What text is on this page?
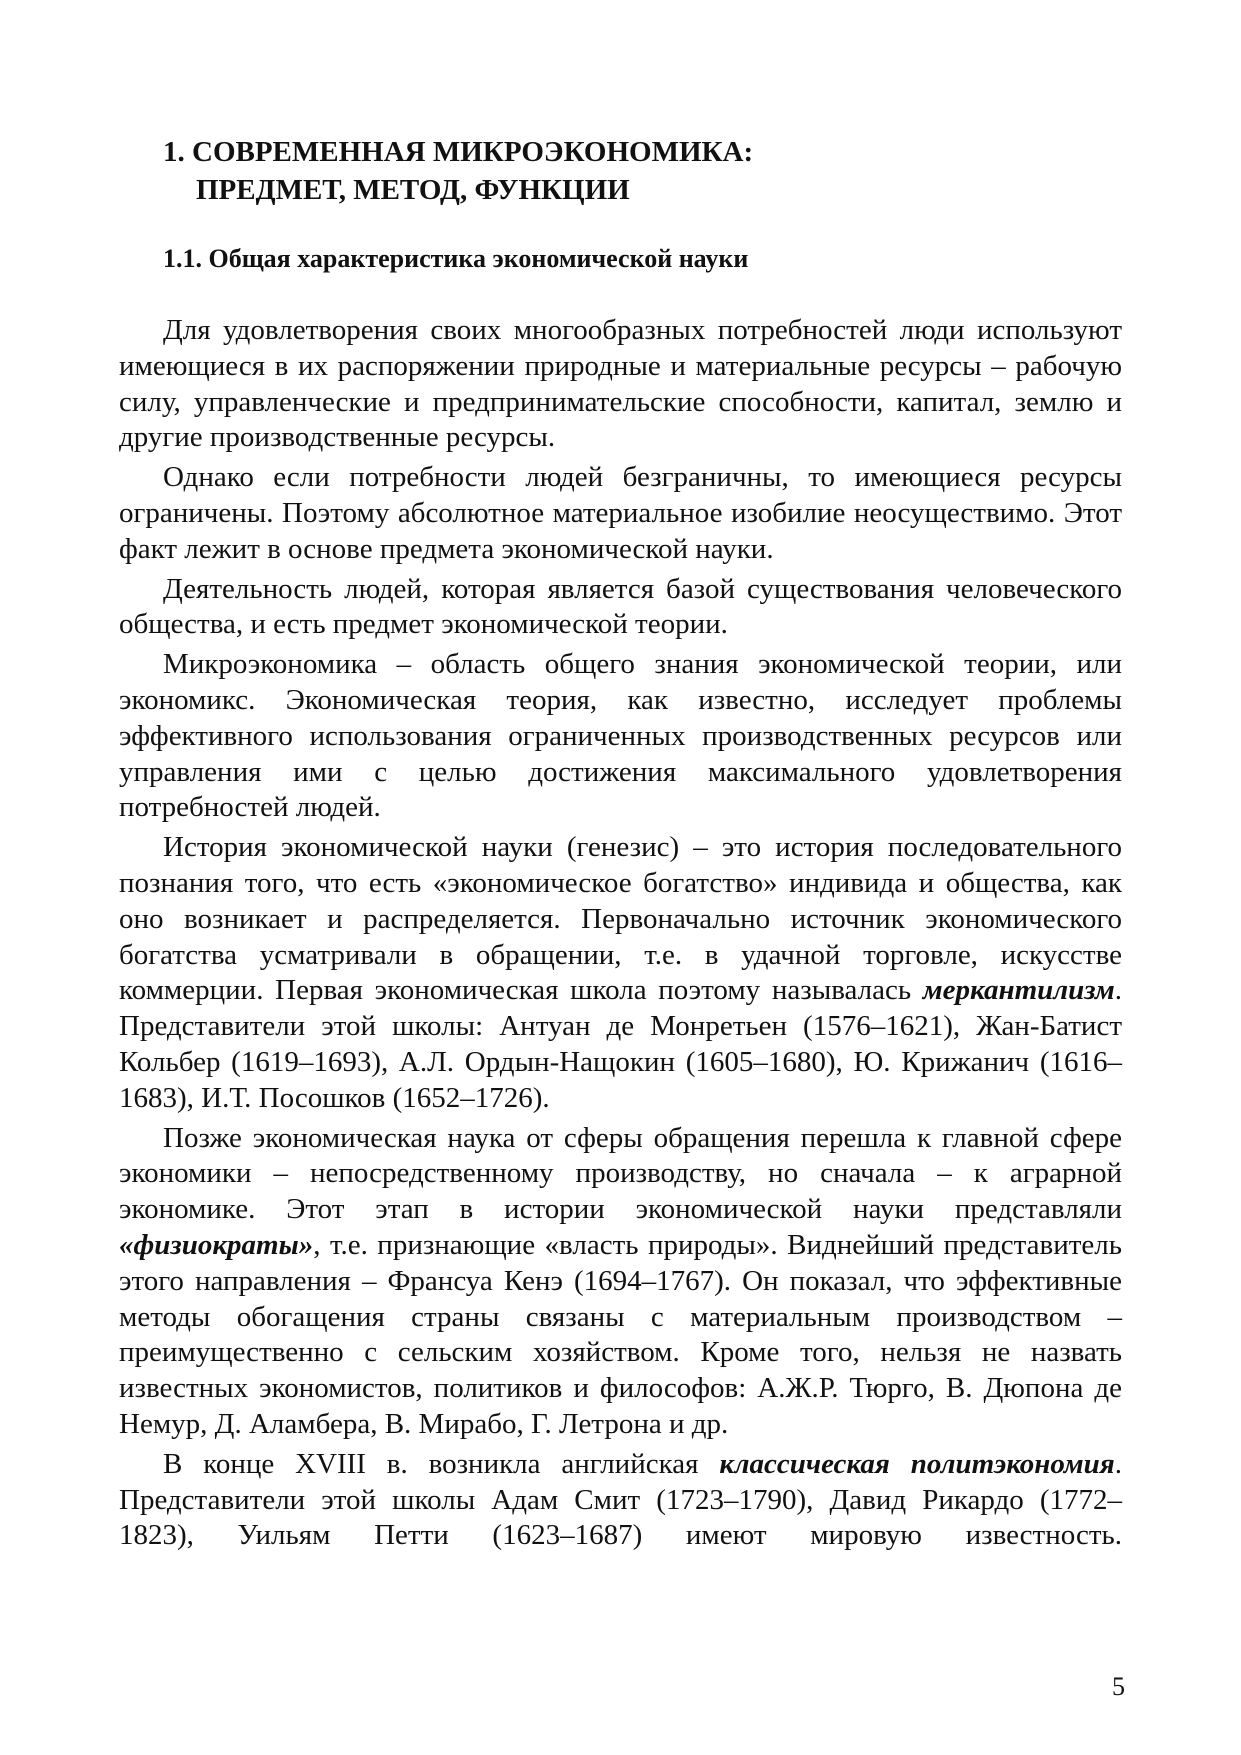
1. СОВРЕМЕННАЯ МИКРОЭКОНОМИКА:
ПРЕДМЕТ, МЕТОД, ФУНКЦИИ
1.1. Общая характеристика экономической науки

Для удовлетворения своих многообразных потребностей люди используют имеющиеся в их распоряжении природные и материальные ресурсы – рабочую силу, управленческие и предпринимательские способности, капитал, землю и другие производственные ресурсы.

Однако если потребности людей безграничны, то имеющиеся ресурсы ограничены. Поэтому абсолютное материальное изобилие неосуществимо. Этот факт лежит в основе предмета экономической науки.

Деятельность людей, которая является базой существования человеческого общества, и есть предмет экономической теории.

Микроэкономика – область общего знания экономической теории, или экономикс. Экономическая теория, как известно, исследует проблемы эффективного использования ограниченных производственных ресурсов или управления ими с целью достижения максимального удовлетворения потребностей людей.

История экономической науки (генезис) – это история последовательного познания того, что есть «экономическое богатство» индивида и общества, как оно возникает и распределяется. Первоначально источник экономического богатства усматривали в обращении, т.е. в удачной торговле, искусстве коммерции. Первая экономическая школа поэтому называлась меркантилизм. Представители этой школы: Антуан де Монретьен (1576–1621), Жан-Батист Кольбер (1619–1693), А.Л. Ордын-Нащокин (1605–1680), Ю. Крижанич (1616–1683), И.Т. Посошков (1652–1726).

Позже экономическая наука от сферы обращения перешла к главной сфере экономики – непосредственному производству, но сначала – к аграрной экономике. Этот этап в истории экономической науки представляли «физиократы», т.е. признающие «власть природы». Виднейший представитель этого направления – Франсуа Кенэ (1694–1767). Он показал, что эффективные методы обогащения страны связаны с материальным производством – преимущественно с сельским хозяйством. Кроме того, нельзя не назвать известных экономистов, политиков и философов: А.Ж.Р. Тюрго, В. Дюпона де Немур, Д. Аламбера, В. Мирабо, Г. Летрона и др.

В конце XVIII в. возникла английская классическая политэкономия. Представители этой школы Адам Смит (1723–1790), Давид Рикардо (1772–1823), Уильям Петти (1623–1687) имеют мировую известность.

5
